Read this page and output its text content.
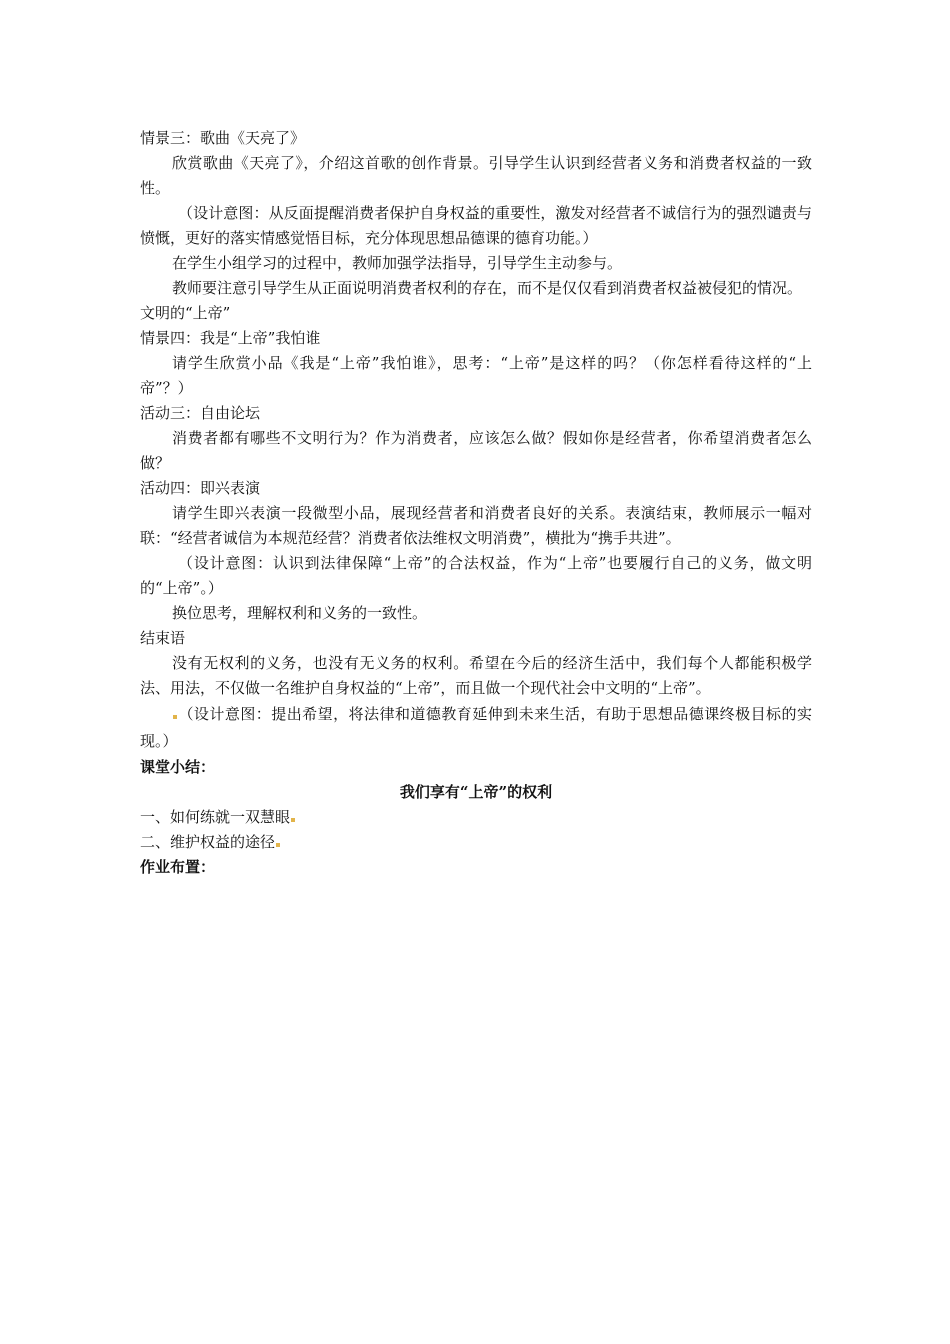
情景三：歌曲《天亮了》

欣赏歌曲《天亮了》，介绍这首歌的创作背景。引导学生认识到经营者义务和消费者权益的一致性。

（设计意图：从反面提醒消费者保护自身权益的重要性，激发对经营者不诚信行为的强烈谴责与愤慨，更好的落实情感觉悟目标，充分体现思想品德课的德育功能。）

在学生小组学习的过程中，教师加强学法指导，引导学生主动参与。

教师要注意引导学生从正面说明消费者权利的存在，而不是仅仅看到消费者权益被侵犯的情况。

文明的“上帝”

情景四：我是“上帝”我怕谁

请学生欣赏小品《我是“上帝”我怕谁》，思考：“上帝”是这样的吗？（你怎样看待这样的“上帝”？）

活动三：自由论坛

消费者都有哪些不文明行为？作为消费者，应该怎么做？假如你是经营者，你希望消费者怎么做？

活动四：即兴表演

请学生即兴表演一段微型小品，展现经营者和消费者良好的关系。表演结束，教师展示一幅对联：“经营者诚信为本规范经营？消费者依法维权文明消费”，横批为“携手共进”。

（设计意图：认识到法律保障“上帝”的合法权益，作为“上帝”也要履行自己的义务，做文明的“上帝”。）

换位思考，理解权利和义务的一致性。

结束语

没有无权利的义务，也没有无义务的权利。希望在今后的经济生活中，我们每个人都能积极学法、用法，不仅做一名维护自身权益的“上帝”，而且做一个现代社会中文明的“上帝”。

（设计意图：提出希望，将法律和道德教育延伸到未来生活，有助于思想品德课终极目标的实现。）

课堂小结：

我们享有“上帝”的权利

一、如何练就一双慧眼

二、维护权益的途径

作业布置：
